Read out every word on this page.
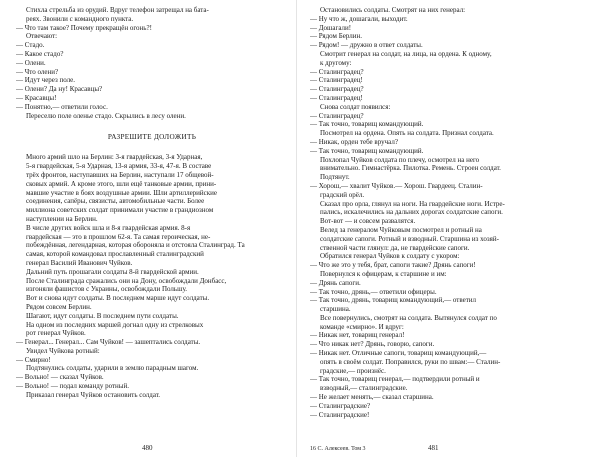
Стихла стрельба из орудий. Вдруг телефон затрещал на бата-

реях. Звонили с командного пункта.

— Что там такое? Почему прекращён огонь?!

Отвечают:

— Стадо.

— Какое стадо?

— Олени.

— Что олени?

— Идут через поле.

— Олени? Да ну! Красавцы?

— Красавцы!

— Понятно,— ответили голос.

Переселю поле оленье стадо. Скрылись в лесу олени.

РАЗРЕШИТЕ ДОЛОЖИТЬ

Много армий шло на Берлин: 3-я гвардейская, 3-я Ударная,

5-я гвардейская, 5-я Ударная, 13-я армия, 33-я, 47-я. В составе

трёх фронтов, наступавших на Берлин, наступали 17 общевой-

сковых армий. А кроме этого, шли ещё танковые армии, прини-

мавшие участие в боях воздушные армии. Шли артиллерийские

соединения, сапёры, связисты, автомобильные части. Более

миллиона советских солдат принимали участие в грандиозном

наступлении на Берлин.

В числе других войск шла и 8-я гвардейская армия. 8-я

гвардейская — это в прошлом 62-я. Та самая героическая, не-

побеждённая, легендарная, которая обороняла и отстояла Сталинград. Та

самая, которой командовал прославленный сталинградский

генерал Василий Иванович Чуйков.

Дальний путь прошагали солдаты 8-й гвардейской армии.

После Сталинграда сражались они на Дону, освобождали Донбасс,

изгоняли фашистов с Украины, освобождали Польшу.

Вот и снова идут солдаты. В последнем марше идут солдаты.

Рядом совсем Берлин.

Шагают, идут солдаты. В последнем пути солдаты.

На одном из последних маршей догнал одну из стрелковых

рот генерал Чуйков.

— Генерал... Генерал... Сам Чуйков! — зашептались солдаты.

Увидел Чуйкова ротный:

— Смирно!

Подтянулись солдаты, ударили в землю парадным шагом.

— Вольно! — сказал Чуйков.

— Вольно! — подал команду ротный.

Приказал генерал Чуйков остановить солдат.

480

Остановились солдаты. Смотрят на них генерал:

— Ну что ж, дошагали, выходит.

— Дошагали!

— Рядом Берлин.

— Рядом! — дружно в ответ солдаты.

Смотрит генерал на солдат, на лица, на ордена. К одному,

к другому:

— Сталинградец?

— Сталинградец!

— Сталинградец?

— Сталинградец!

Снова солдат появился:

— Сталинградец?

— Так точно, товарищ командующий.

Посмотрел на ордена. Опять на солдата. Признал солдата.

— Никак, орден тебе вручал?

— Так точно, товарищ командующий.

Похлопал Чуйков солдата по плечу, осмотрел на него

внимательно. Гимнастёрка. Пилотка. Ремень. Строен солдат.

Подтянут.

— Хорош,— хвалит Чуйков.— Хорош. Гвардеец. Сталин-

градский орёл.

Сказал про орла, глянул на ноги. На гвардейские ноги. Истре-

пались, искалечились на дальних дорогах солдатские сапоги.

Вот-вот — и совсем развалятся.

Велед за генералом Чуйковым посмотрел и ротный на

солдатские сапоги. Ротный и взводный. Старшина из хозяй-

ственной части глянул: да, не гвардейские сапоги.

Обратился генерал Чуйков к солдату с укором:

— Что же это у тебя, брат, сапоги такие? Дрянь сапоги!

Повернулся к офицерам, к старшине и им:

— Дрянь сапоги.

— Так точно, дрянь,— ответили офицеры.

— Так точно, дрянь, товарищ командующий,— ответил

старшина.

Все повернулись, смотрят на солдата. Вытянулся солдат по

команде «смирно». И вдруг:

— Никак нет, товарищ генерал!

— Что никак нет? Дрянь, говорю, сапоги.

— Никак нет. Отличные сапоги, товарищ командующий,—

опять в своём солдат. Поправился, руки по швам:— Сталин-

градские,— произнёс.

— Так точно, товарищ генерал,— подтвердили ротный и

взводный,— сталинградские.

— Не желает менять,— сказал старшина.

— Сталинградские?

— Сталинградские!

16 С. Алексеев. Том 3	481
